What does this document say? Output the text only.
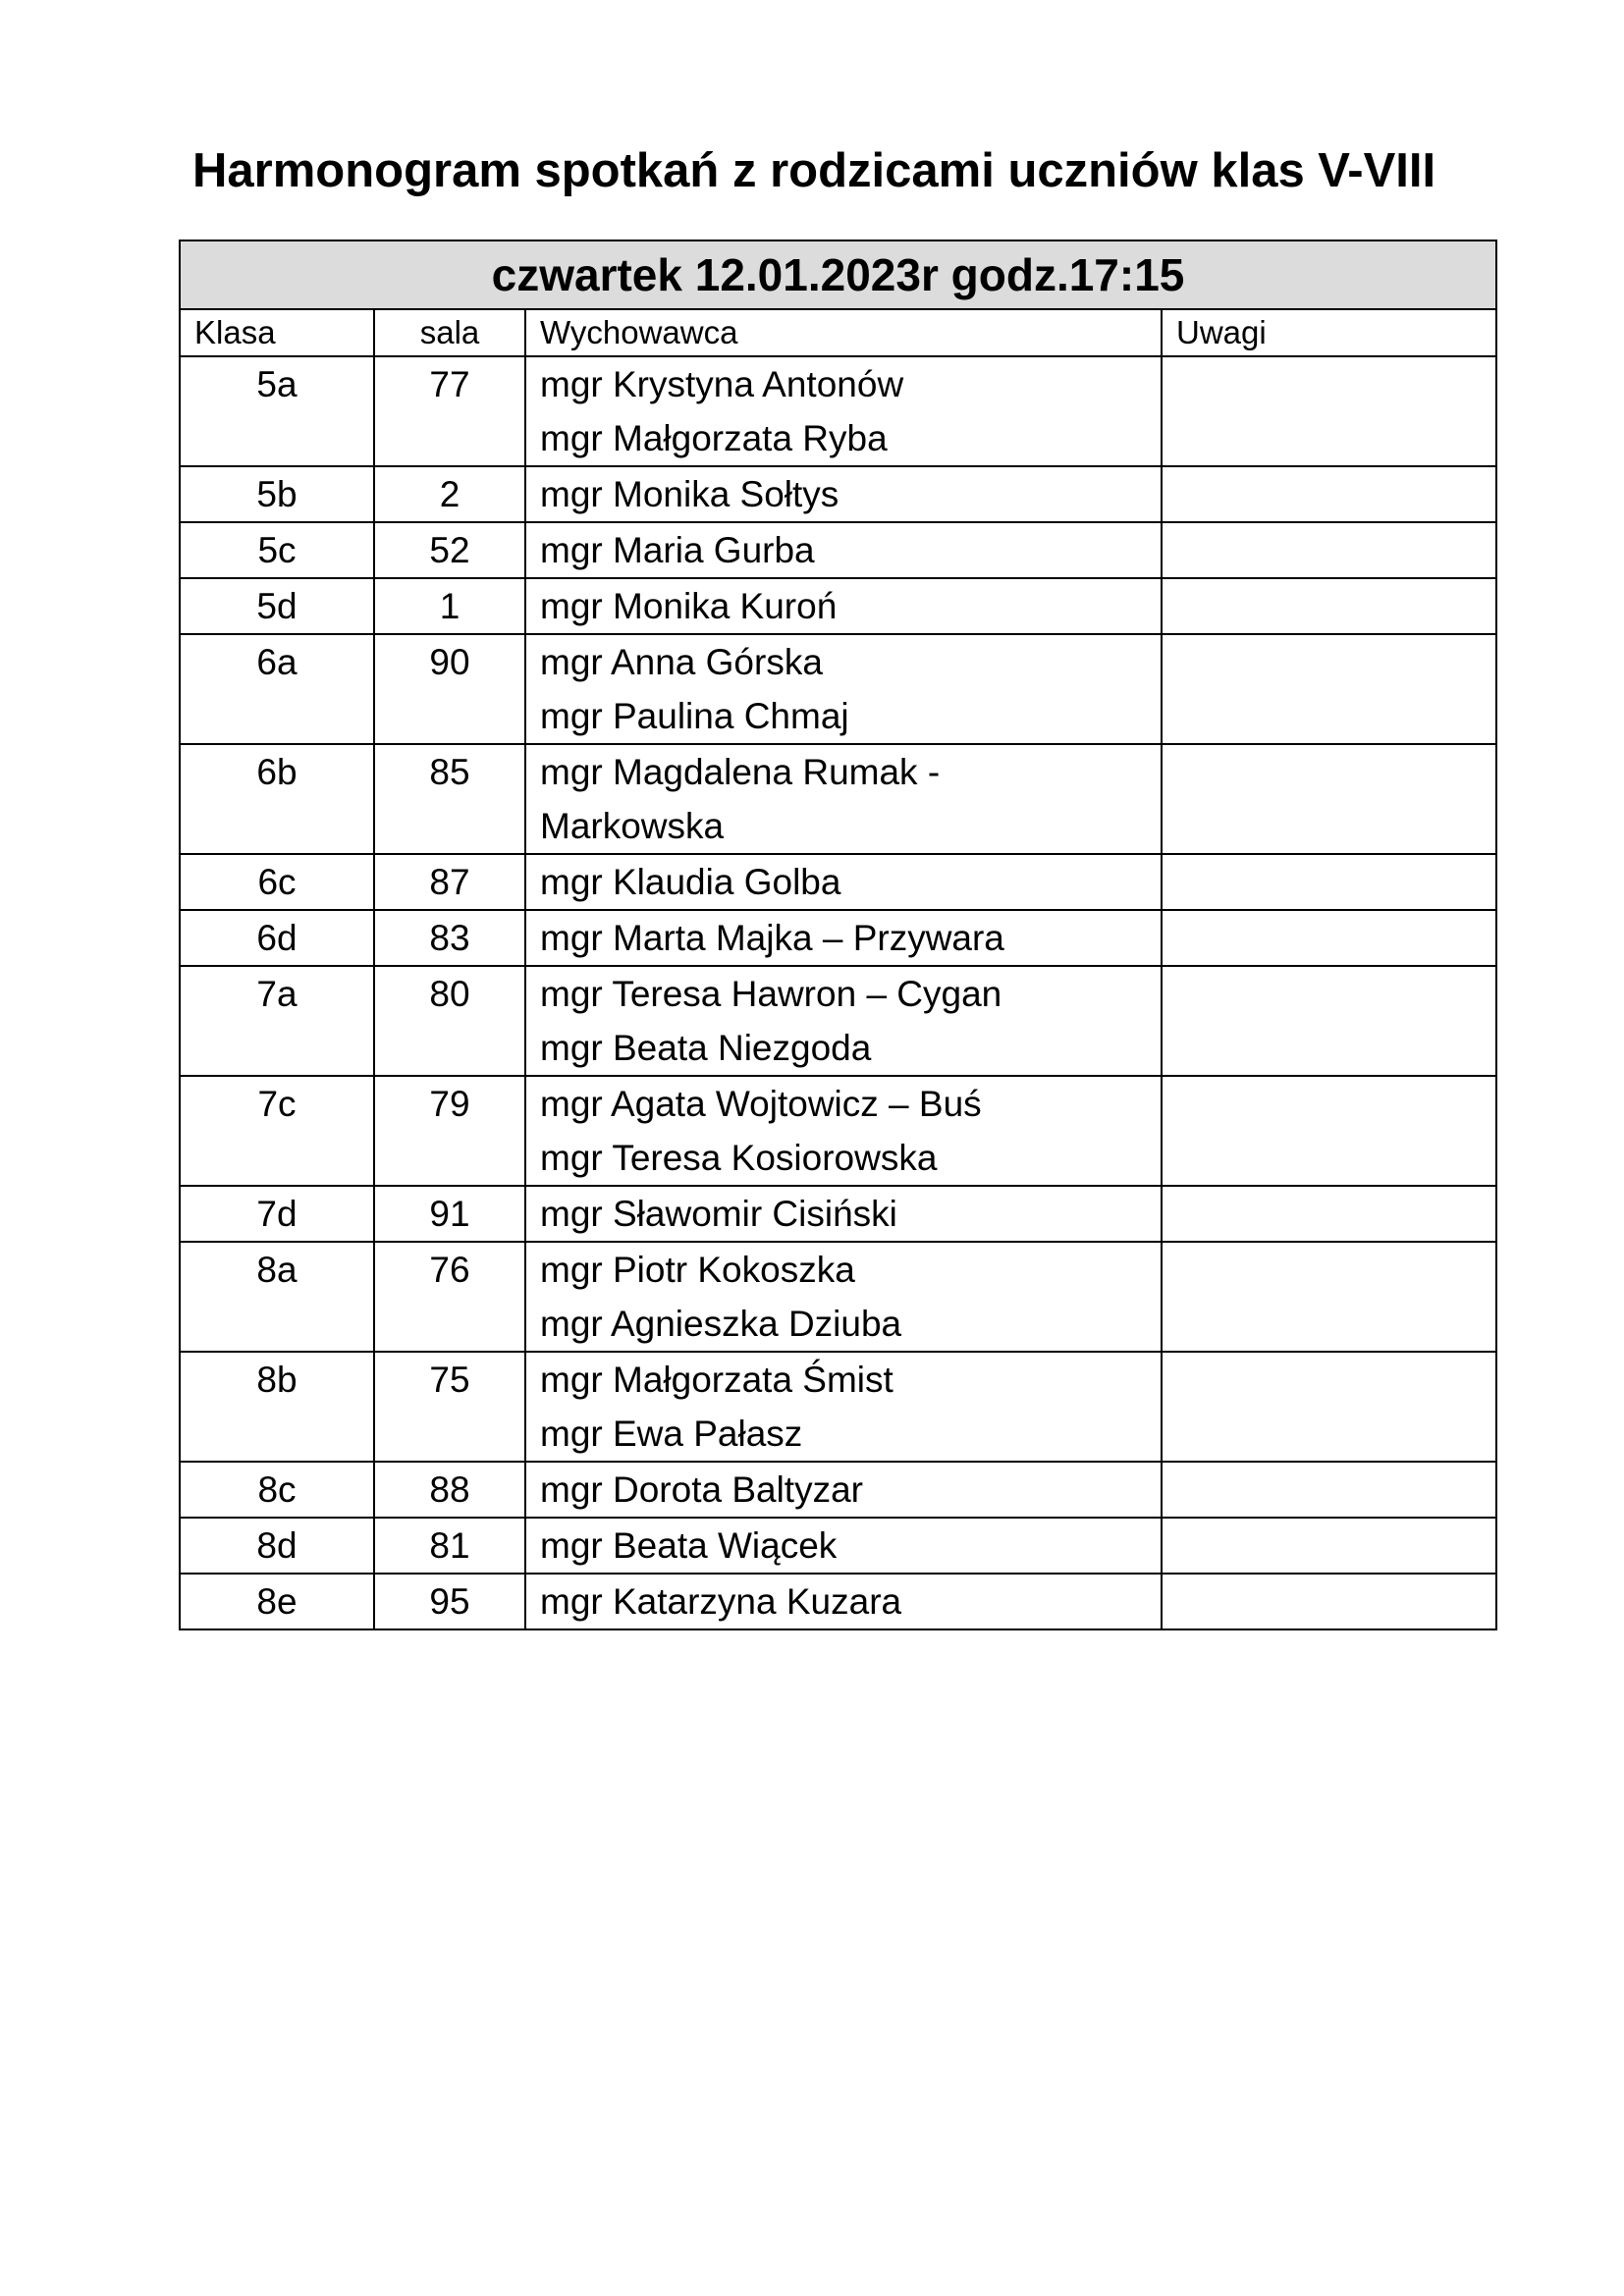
Harmonogram spotkań z rodzicami uczniów klas V-VIII
czwartek 12.01.2023r godz.17:15			
Klasa	sala	Wychowawca	Uwagi
5a	77	mgr Krystyna Antonów
mgr Małgorzata Ryba	

5b	2	mgr Monika Sołtys	

5c	52	mgr Maria Gurba	

5d	1	mgr Monika Kuroń	

6a	90	mgr Anna Górska
mgr Paulina Chmaj	

6b	85	mgr Magdalena Rumak -
Markowska	

6c	87	mgr Klaudia Golba	

6d	83	mgr Marta Majka – Przywara	

7a	80	mgr Teresa Hawron – Cygan
mgr Beata Niezgoda	

7c	79	mgr Agata Wojtowicz – Buś
mgr Teresa Kosiorowska	

7d	91	mgr Sławomir Cisiński	

8a	76	mgr Piotr Kokoszka
mgr Agnieszka Dziuba	

8b	75	mgr Małgorzata Śmist
mgr Ewa Pałasz	

8c	88	mgr Dorota Baltyzar	

8d	81	mgr Beata Wiącek	

8e	95	mgr Katarzyna Kuzara	
